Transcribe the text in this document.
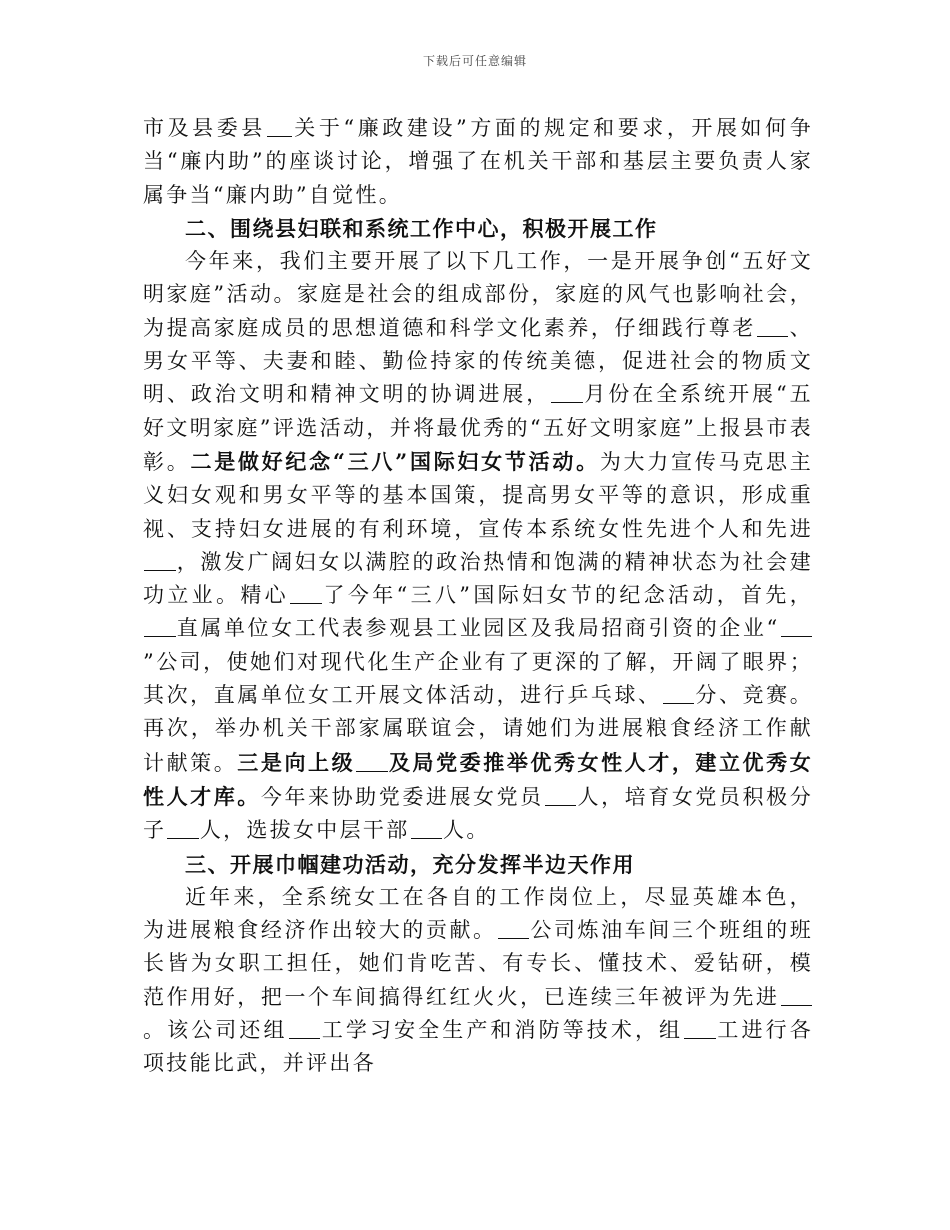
下载后可任意编辑

市及县委县 关于“廉政建设”方面的规定和要求，开展如何争当“廉内助”的座谈讨论，增强了在机关干部和基层主要负责人家属争当“廉内助”自觉性。

二、围绕县妇联和系统工作中心，积极开展工作

今年来，我们主要开展了以下几工作，一是开展争创“五好文明家庭”活动。家庭是社会的组成部份，家庭的风气也影响社会，为提高家庭成员的思想道德和科学文化素养，仔细践行尊老 、男女平等、夫妻和睦、勤俭持家的传统美德，促进社会的物质文明、政治文明和精神文明的协调进展， 月份在全系统开展“五好文明家庭”评选活动，并将最优秀的“五好文明家庭”上报县市表彰。二是做好纪念“三八”国际妇女节活动。为大力宣传马克思主义妇女观和男女平等的基本国策，提高男女平等的意识，形成重视、支持妇女进展的有利环境，宣传本系统女性先进个人和先进，激发广阔妇女以满腔的政治热情和饱满的精神状态为社会建功立业。精心 了今年“三八”国际妇女节的纪念活动，首先，直属单位女工代表参观县工业园区及我局招商引资的企业“”公司，使她们对现代化生产企业有了更深的了解，开阔了眼界；其次，直属单位女工开展文体活动，进行乒乓球、 分、竞赛。再次，举办机关干部家属联谊会，请她们为进展粮食经济工作献计献策。三是向上级 及局党委推举优秀女性人才，建立优秀女性人才库。今年来协助党委进展女党员 人，培育女党员积极分子 人，选拔女中层干部 人。

三、开展巾帼建功活动，充分发挥半边天作用

近年来，全系统女工在各自的工作岗位上，尽显英雄本色，为进展粮食经济作出较大的贡献。 公司炼油车间三个班组的班长皆为女职工担任，她们肯吃苦、有专长、懂技术、爱钻研，模范作用好，把一个车间搞得红红火火，已连续三年被评为先进。该公司还组 工学习安全生产和消防等技术，组 工进行各项技能比武，并评出各
